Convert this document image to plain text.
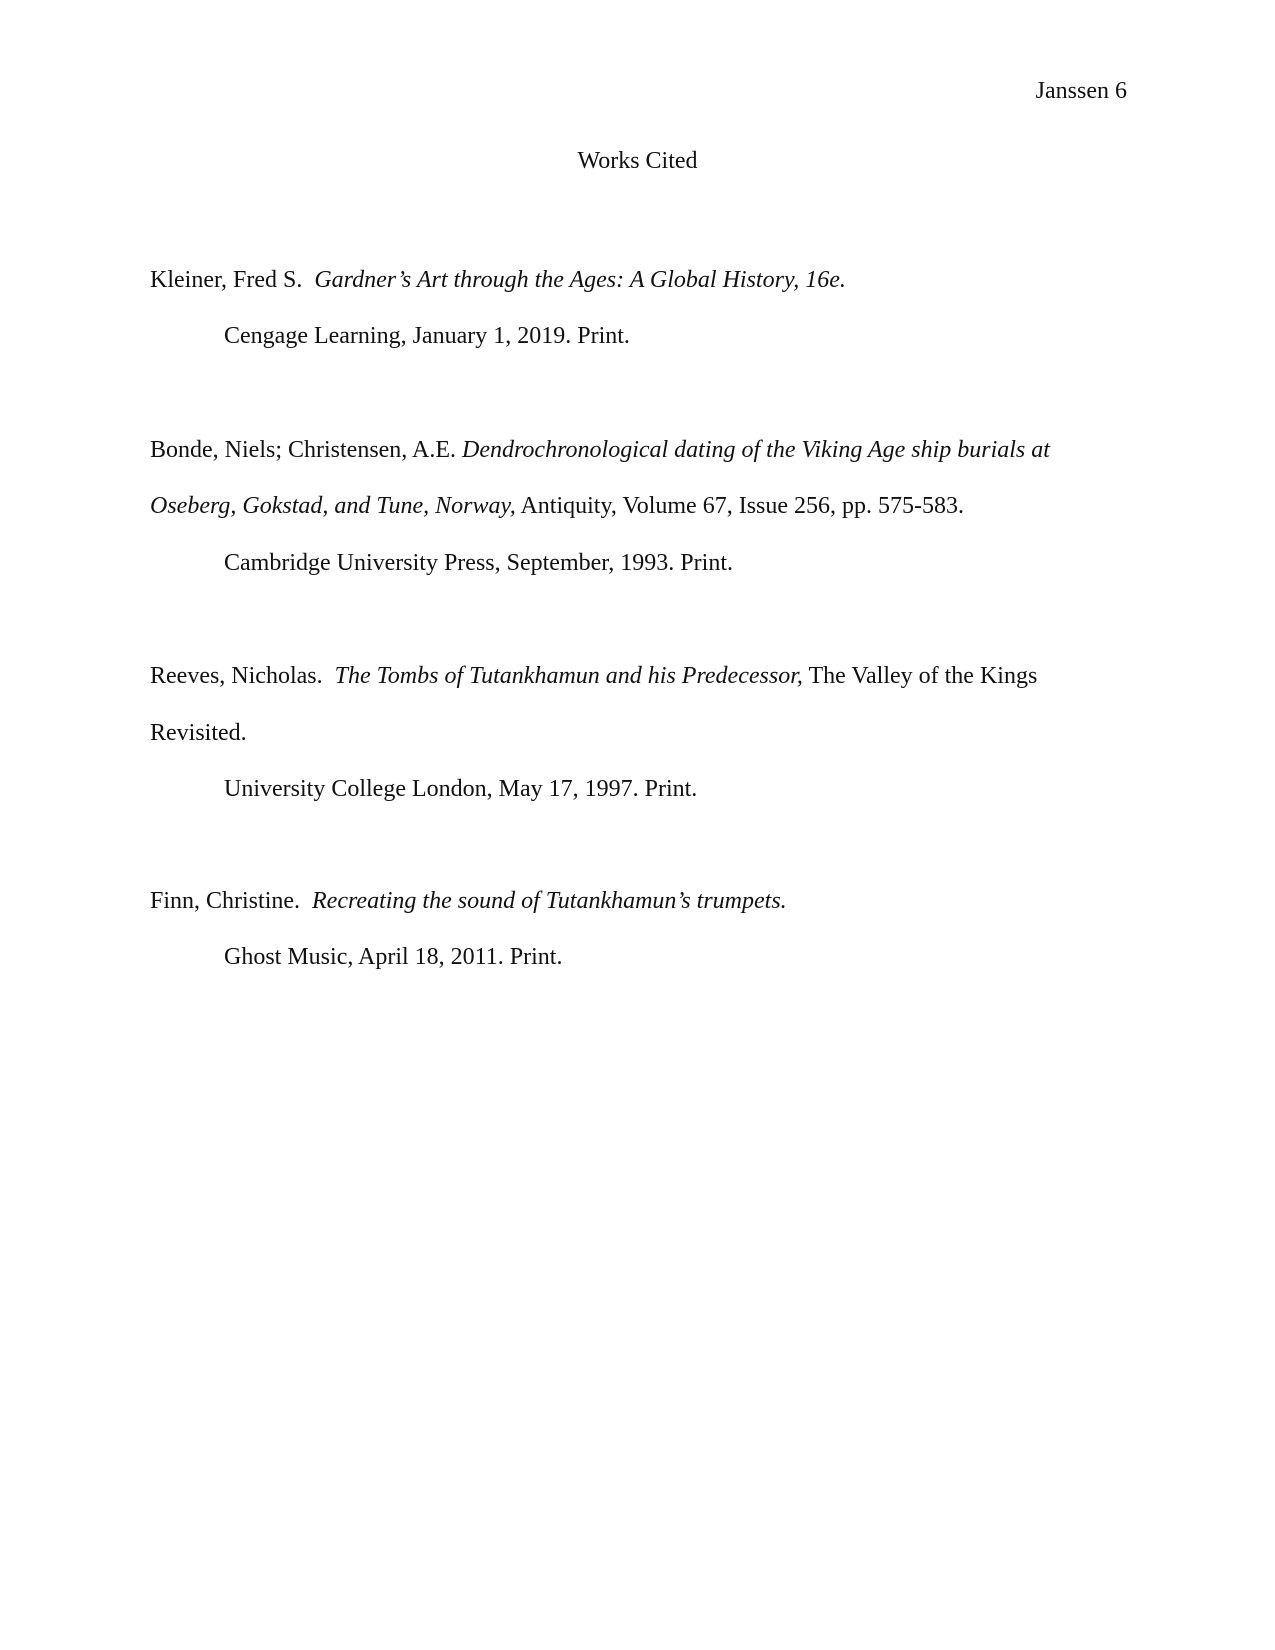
Janssen 6
Works Cited
Kleiner, Fred S. Gardner’s Art through the Ages: A Global History, 16e.
Cengage Learning, January 1, 2019. Print.
Bonde, Niels; Christensen, A.E. Dendrochronological dating of the Viking Age ship burials at
Oseberg, Gokstad, and Tune, Norway, Antiquity, Volume 67, Issue 256, pp. 575-583.
Cambridge University Press, September, 1993. Print.
Reeves, Nicholas. The Tombs of Tutankhamun and his Predecessor, The Valley of the Kings
Revisited.
University College London, May 17, 1997. Print.
Finn, Christine. Recreating the sound of Tutankhamun’s trumpets.
Ghost Music, April 18, 2011. Print.
